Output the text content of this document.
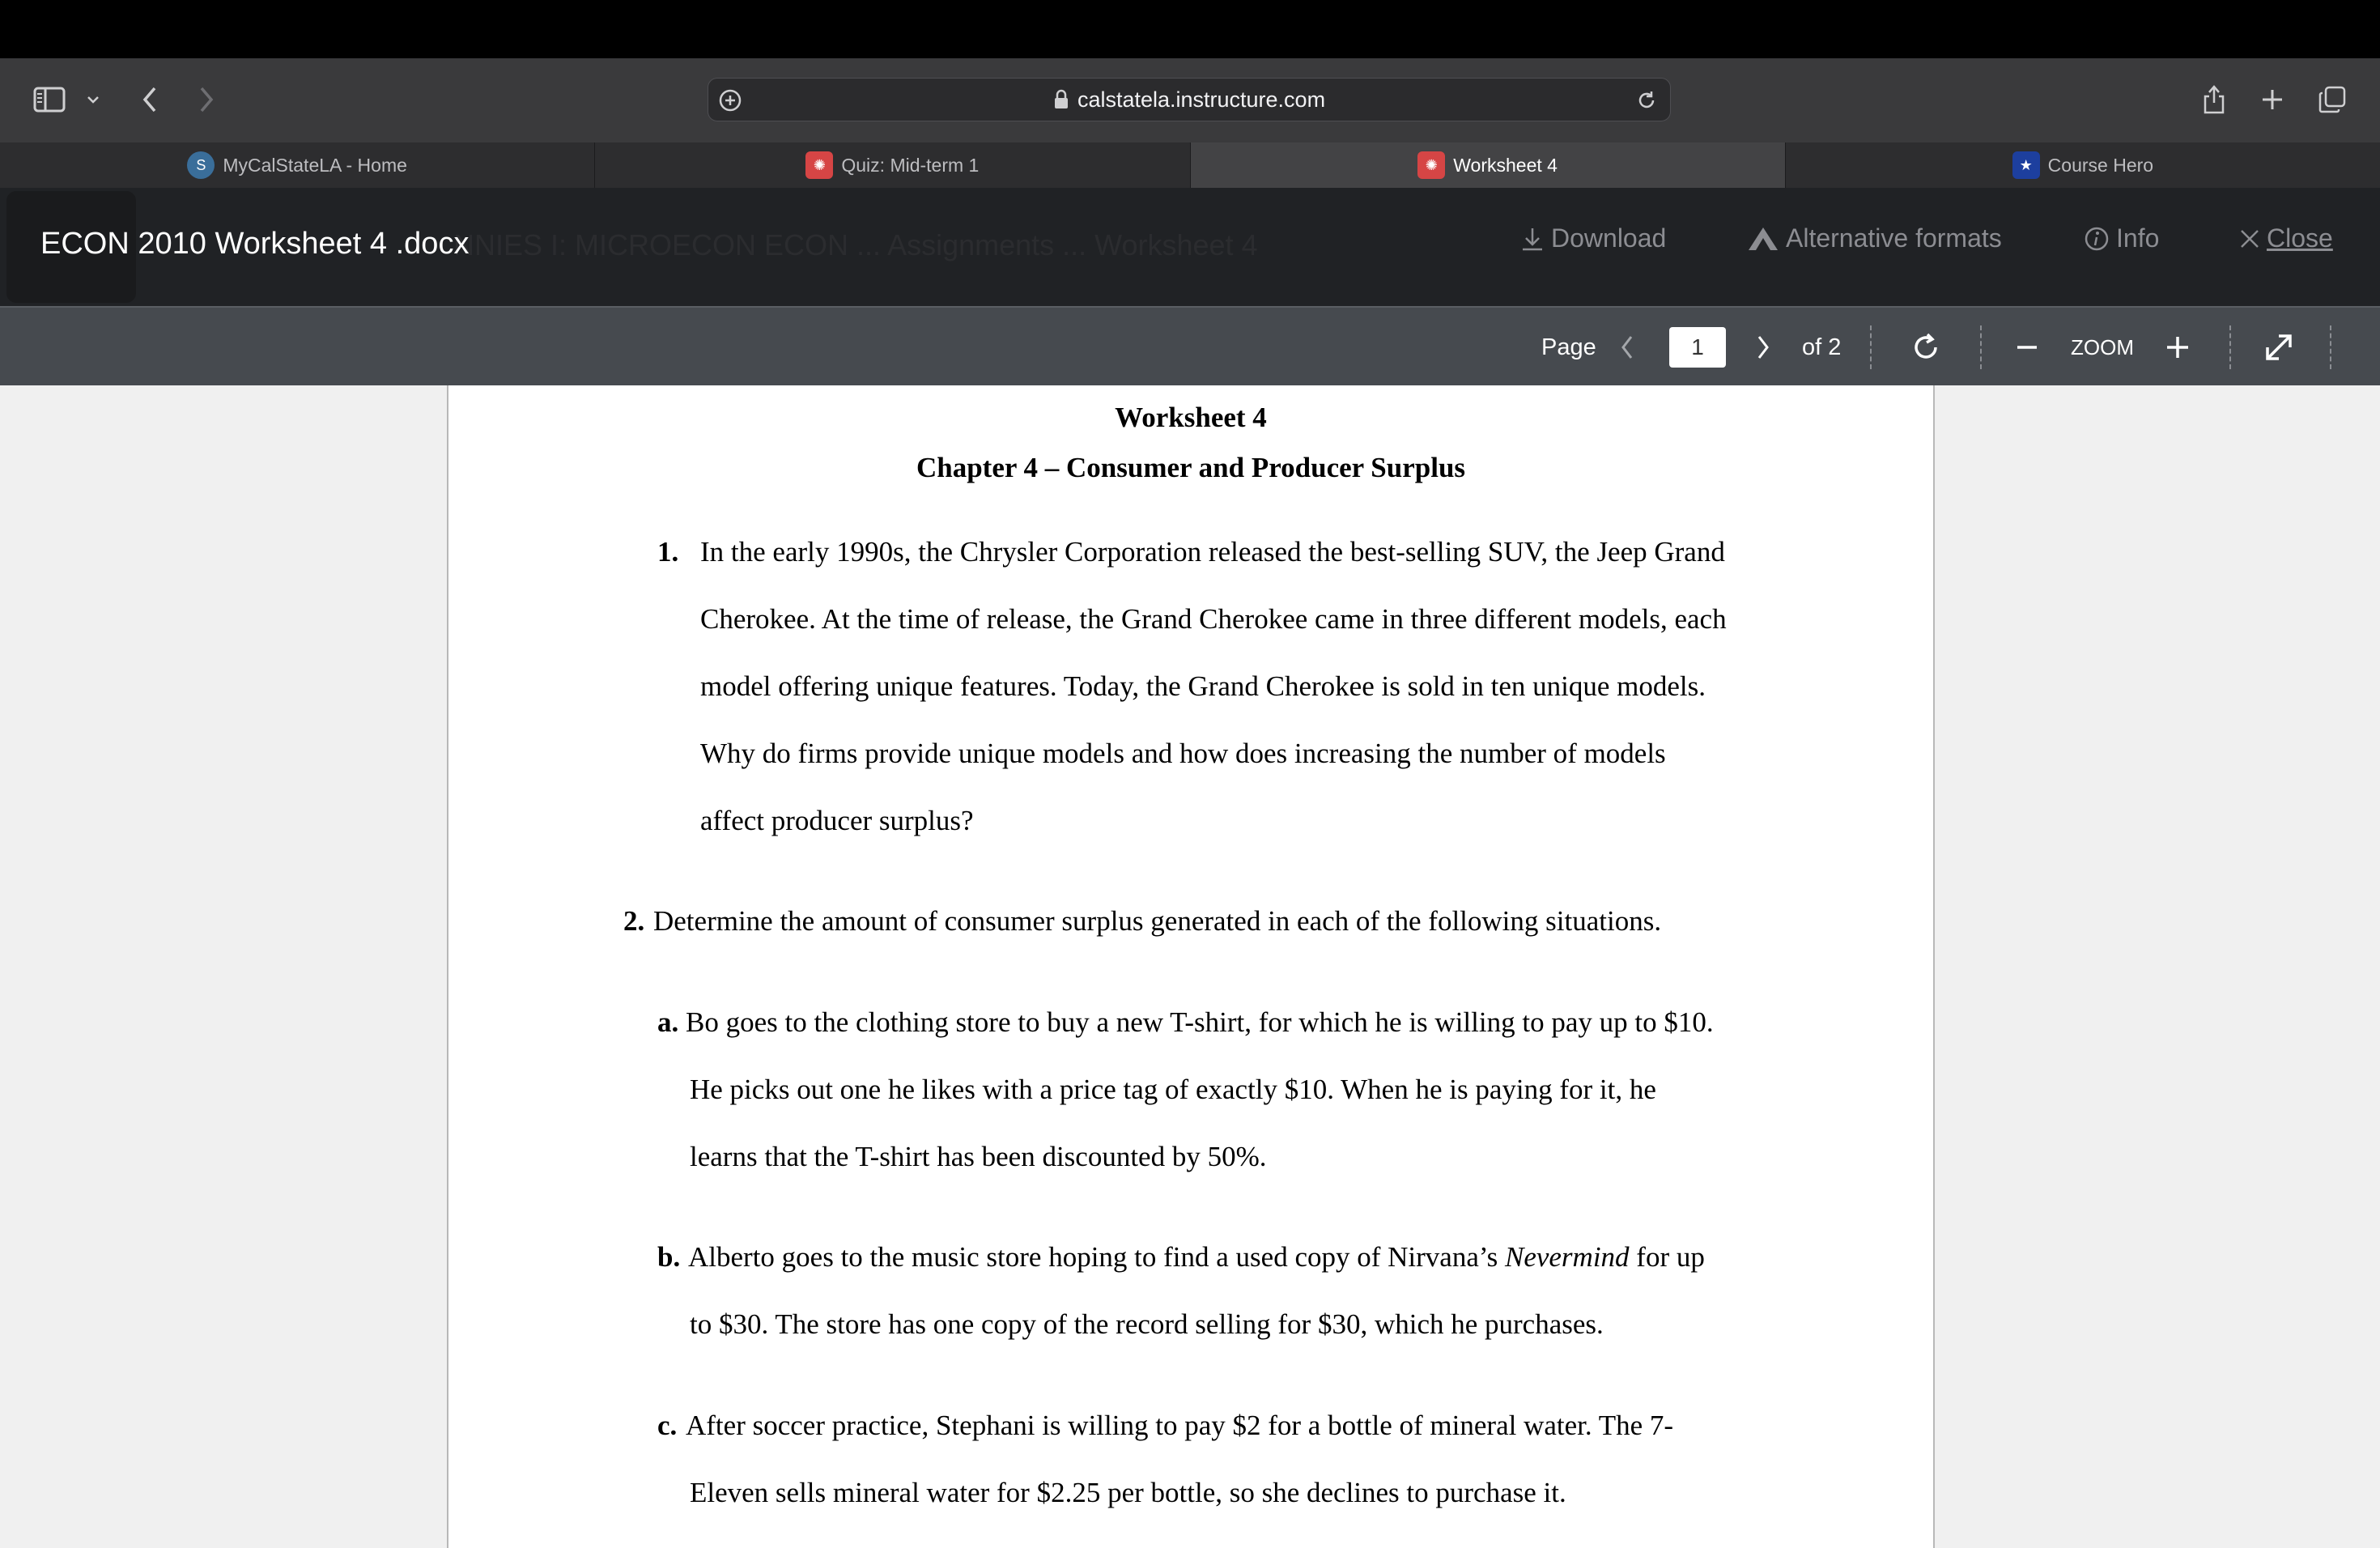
calstatela.instructure.com
S MyCalStateLA - Home	✺ Quiz: Mid-term 1	✺ Worksheet 4	★ Course Hero
NNIES I: MICROECON ECON ... Assignments ... Worksheet 4
ECON 2010 Worksheet 4 .docx	Download	Alternative formats	Info	Close
Page
1	of 2	ZOOM
Worksheet 4
Chapter 4 – Consumer and Producer Surplus
1. In the early 1990s, the Chrysler Corporation released the best-selling SUV, the Jeep Grand
Cherokee. At the time of release, the Grand Cherokee came in three different models, each
model offering unique features. Today, the Grand Cherokee is sold in ten unique models.
Why do firms provide unique models and how does increasing the number of models
affect producer surplus?
2. Determine the amount of consumer surplus generated in each of the following situations.
a. Bo goes to the clothing store to buy a new T-shirt, for which he is willing to pay up to $10.
He picks out one he likes with a price tag of exactly $10. When he is paying for it, he
learns that the T-shirt has been discounted by 50%.
b. Alberto goes to the music store hoping to find a used copy of Nirvana’s Nevermind for up
to $30. The store has one copy of the record selling for $30, which he purchases.
c. After soccer practice, Stephani is willing to pay $2 for a bottle of mineral water. The 7-
Eleven sells mineral water for $2.25 per bottle, so she declines to purchase it.
